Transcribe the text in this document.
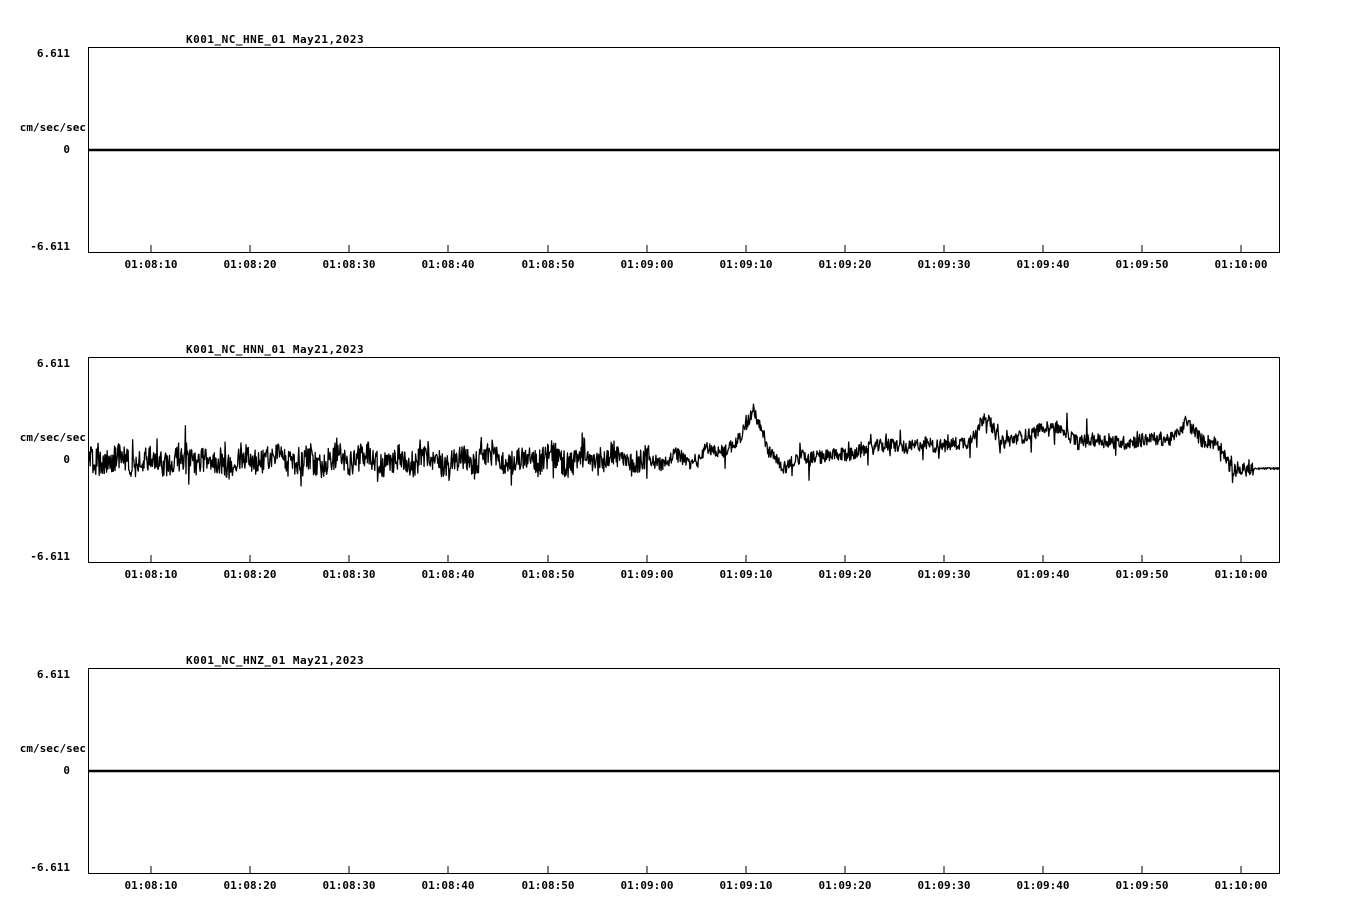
K001_NC_HNE_01 May21,2023
cm/sec/sec
6.611
0
-6.611
01:08:10	01:08:20	01:08:30	01:08:40	01:08:50	01:09:00	01:09:10	01:09:20	01:09:30	01:09:40	01:09:50	01:10:00
K001_NC_HNN_01 May21,2023
cm/sec/sec
6.611
0
-6.611
01:08:10	01:08:20	01:08:30	01:08:40	01:08:50	01:09:00	01:09:10	01:09:20	01:09:30	01:09:40	01:09:50	01:10:00
K001_NC_HNZ_01 May21,2023
cm/sec/sec
6.611
0
-6.611
01:08:10	01:08:20	01:08:30	01:08:40	01:08:50	01:09:00	01:09:10	01:09:20	01:09:30	01:09:40	01:09:50	01:10:00
